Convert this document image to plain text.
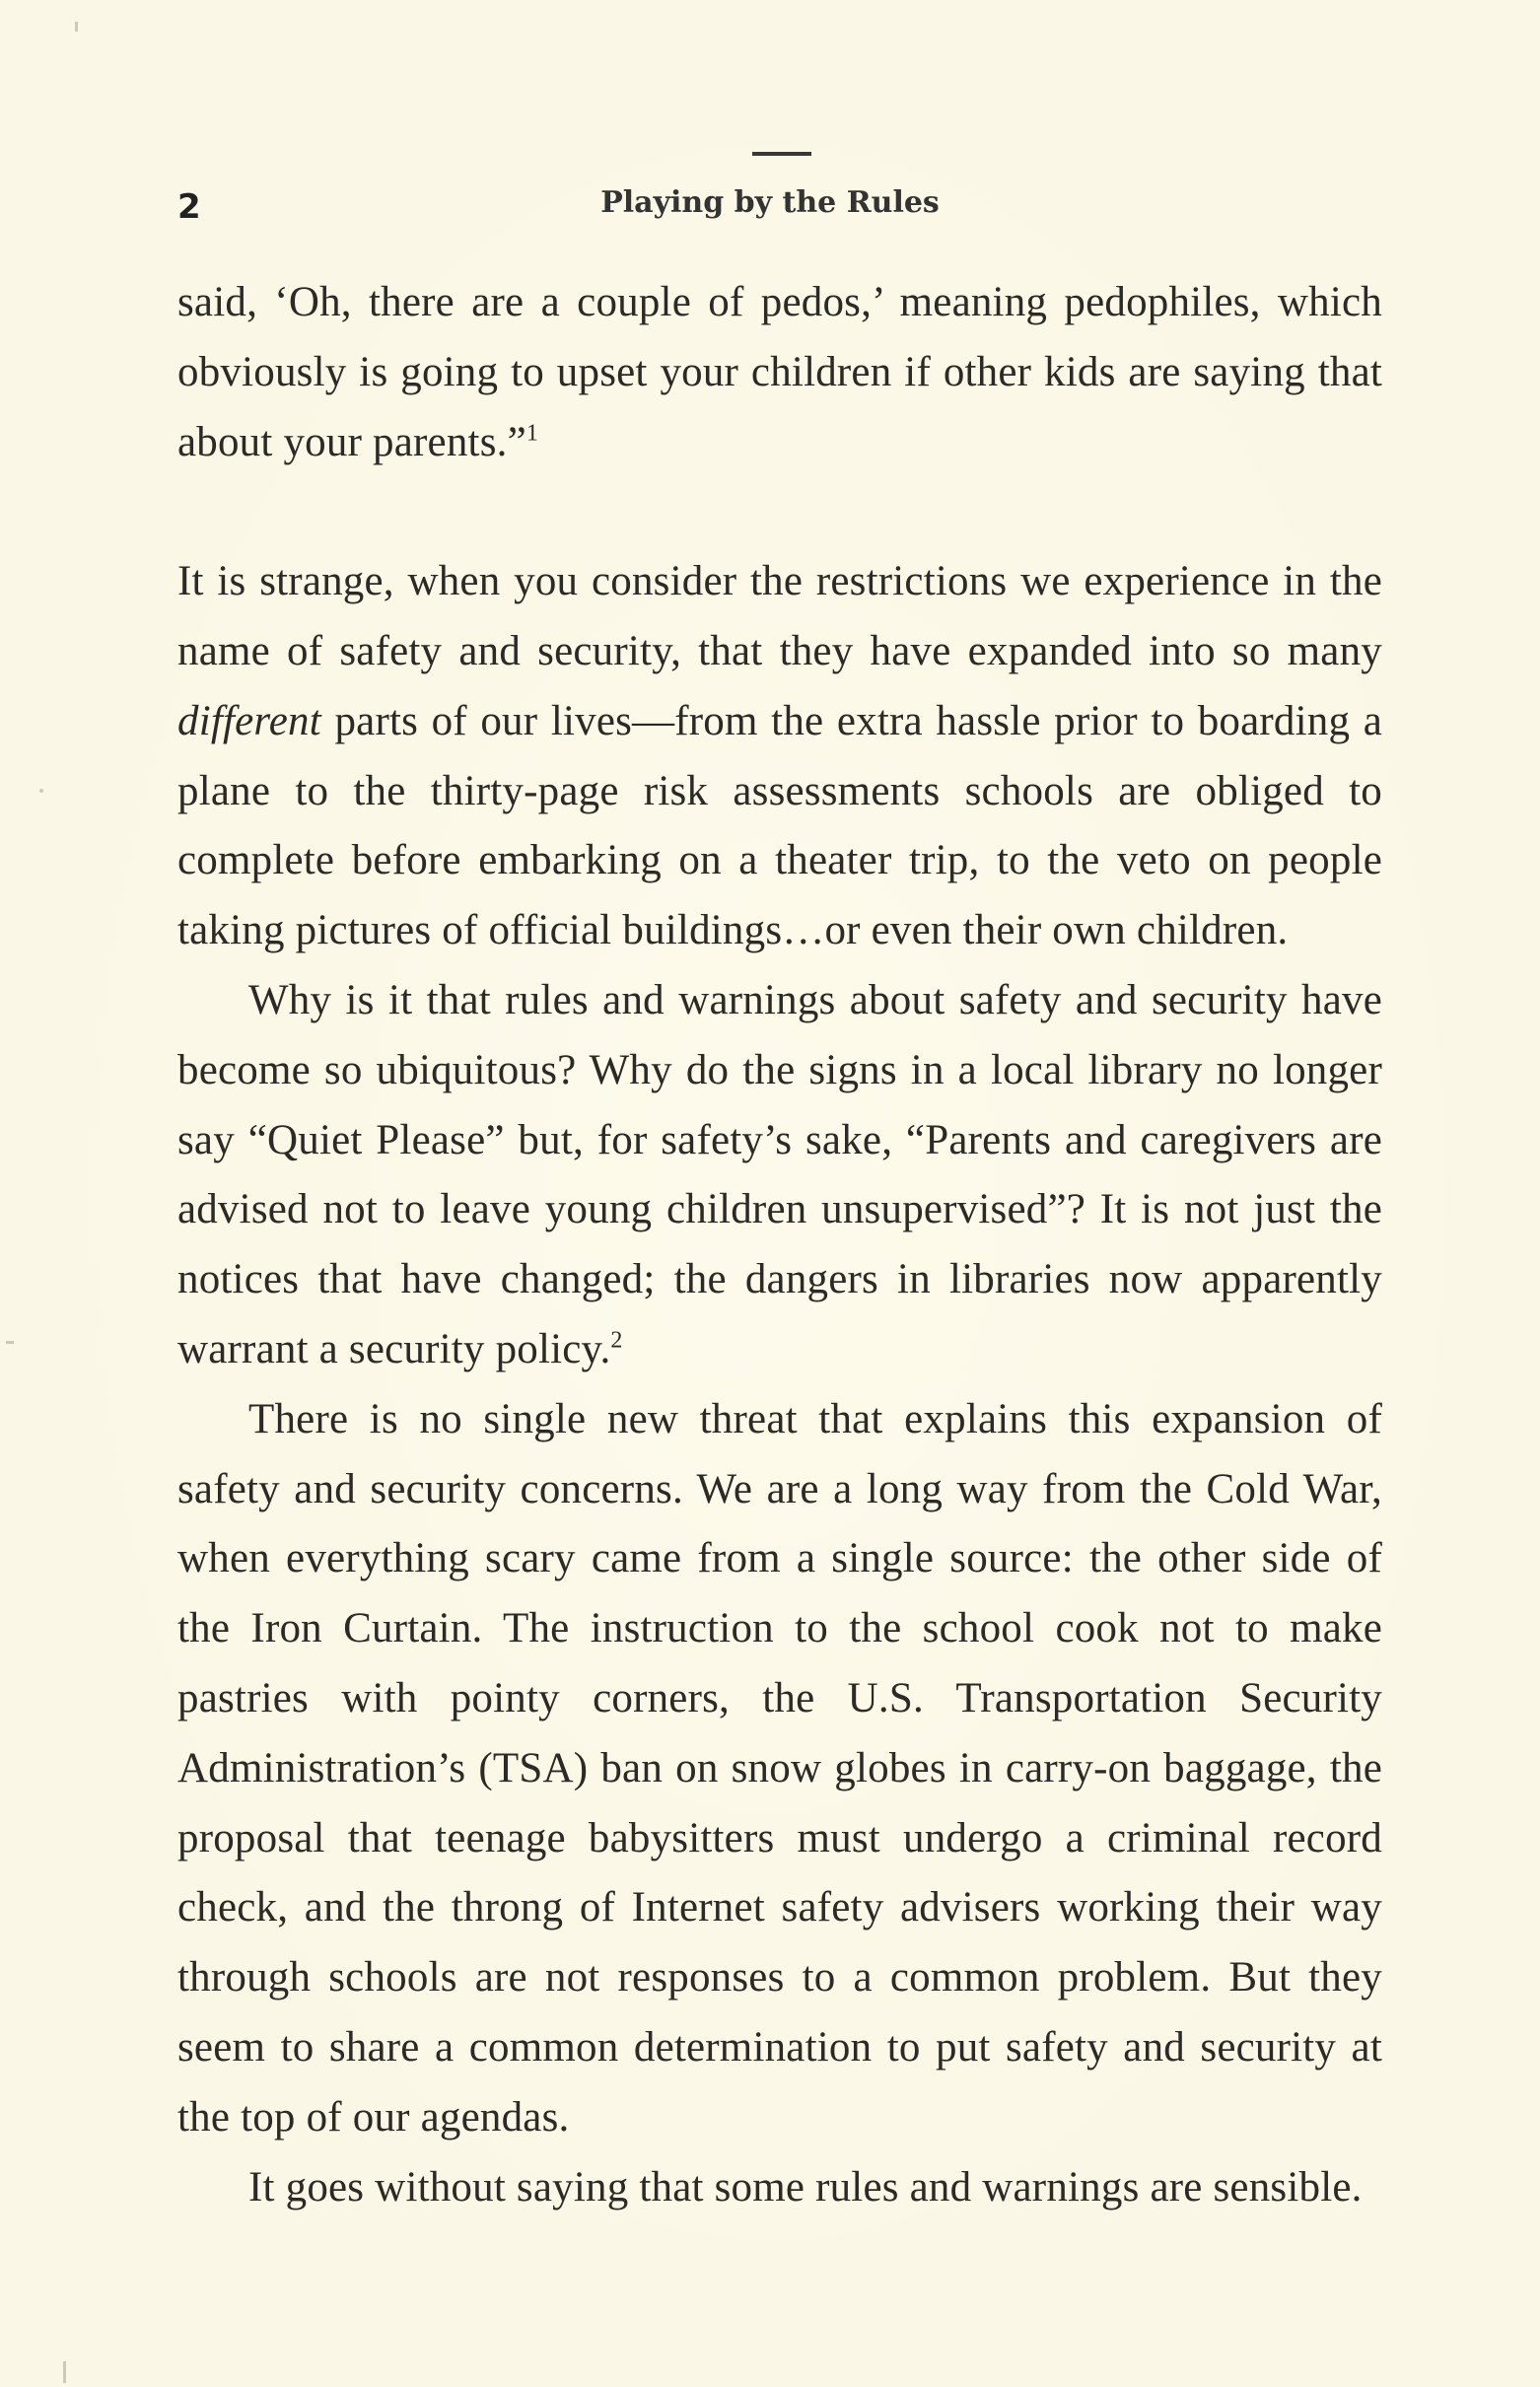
2	Playing by the Rules

said, ‘Oh, there are a couple of pedos,’ meaning pedophiles, which obviously is going to upset your children if other kids are saying that about your parents.”$^1$

It is strange, when you consider the restrictions we experience in the name of safety and security, that they have expanded into so many different parts of our lives—from the extra hassle prior to boarding a plane to the thirty-page risk assessments schools are obliged to complete before embarking on a theater trip, to the veto on people taking pictures of official buildings…or even their own children.

Why is it that rules and warnings about safety and security have become so ubiquitous? Why do the signs in a local library no longer say “Quiet Please” but, for safety’s sake, “Parents and caregivers are advised not to leave young children unsupervised”? It is not just the notices that have changed; the dangers in libraries now apparently warrant a security policy.$^2$

There is no single new threat that explains this expansion of safety and security concerns. We are a long way from the Cold War, when everything scary came from a single source: the other side of the Iron Curtain. The instruction to the school cook not to make pastries with pointy corners, the U.S. Transportation Security Administration’s (TSA) ban on snow globes in carry-on baggage, the proposal that teenage babysitters must undergo a criminal record check, and the throng of Internet safety advisers working their way through schools are not responses to a common problem. But they seem to share a common determination to put safety and security at the top of our agendas.

It goes without saying that some rules and warnings are sensible.
